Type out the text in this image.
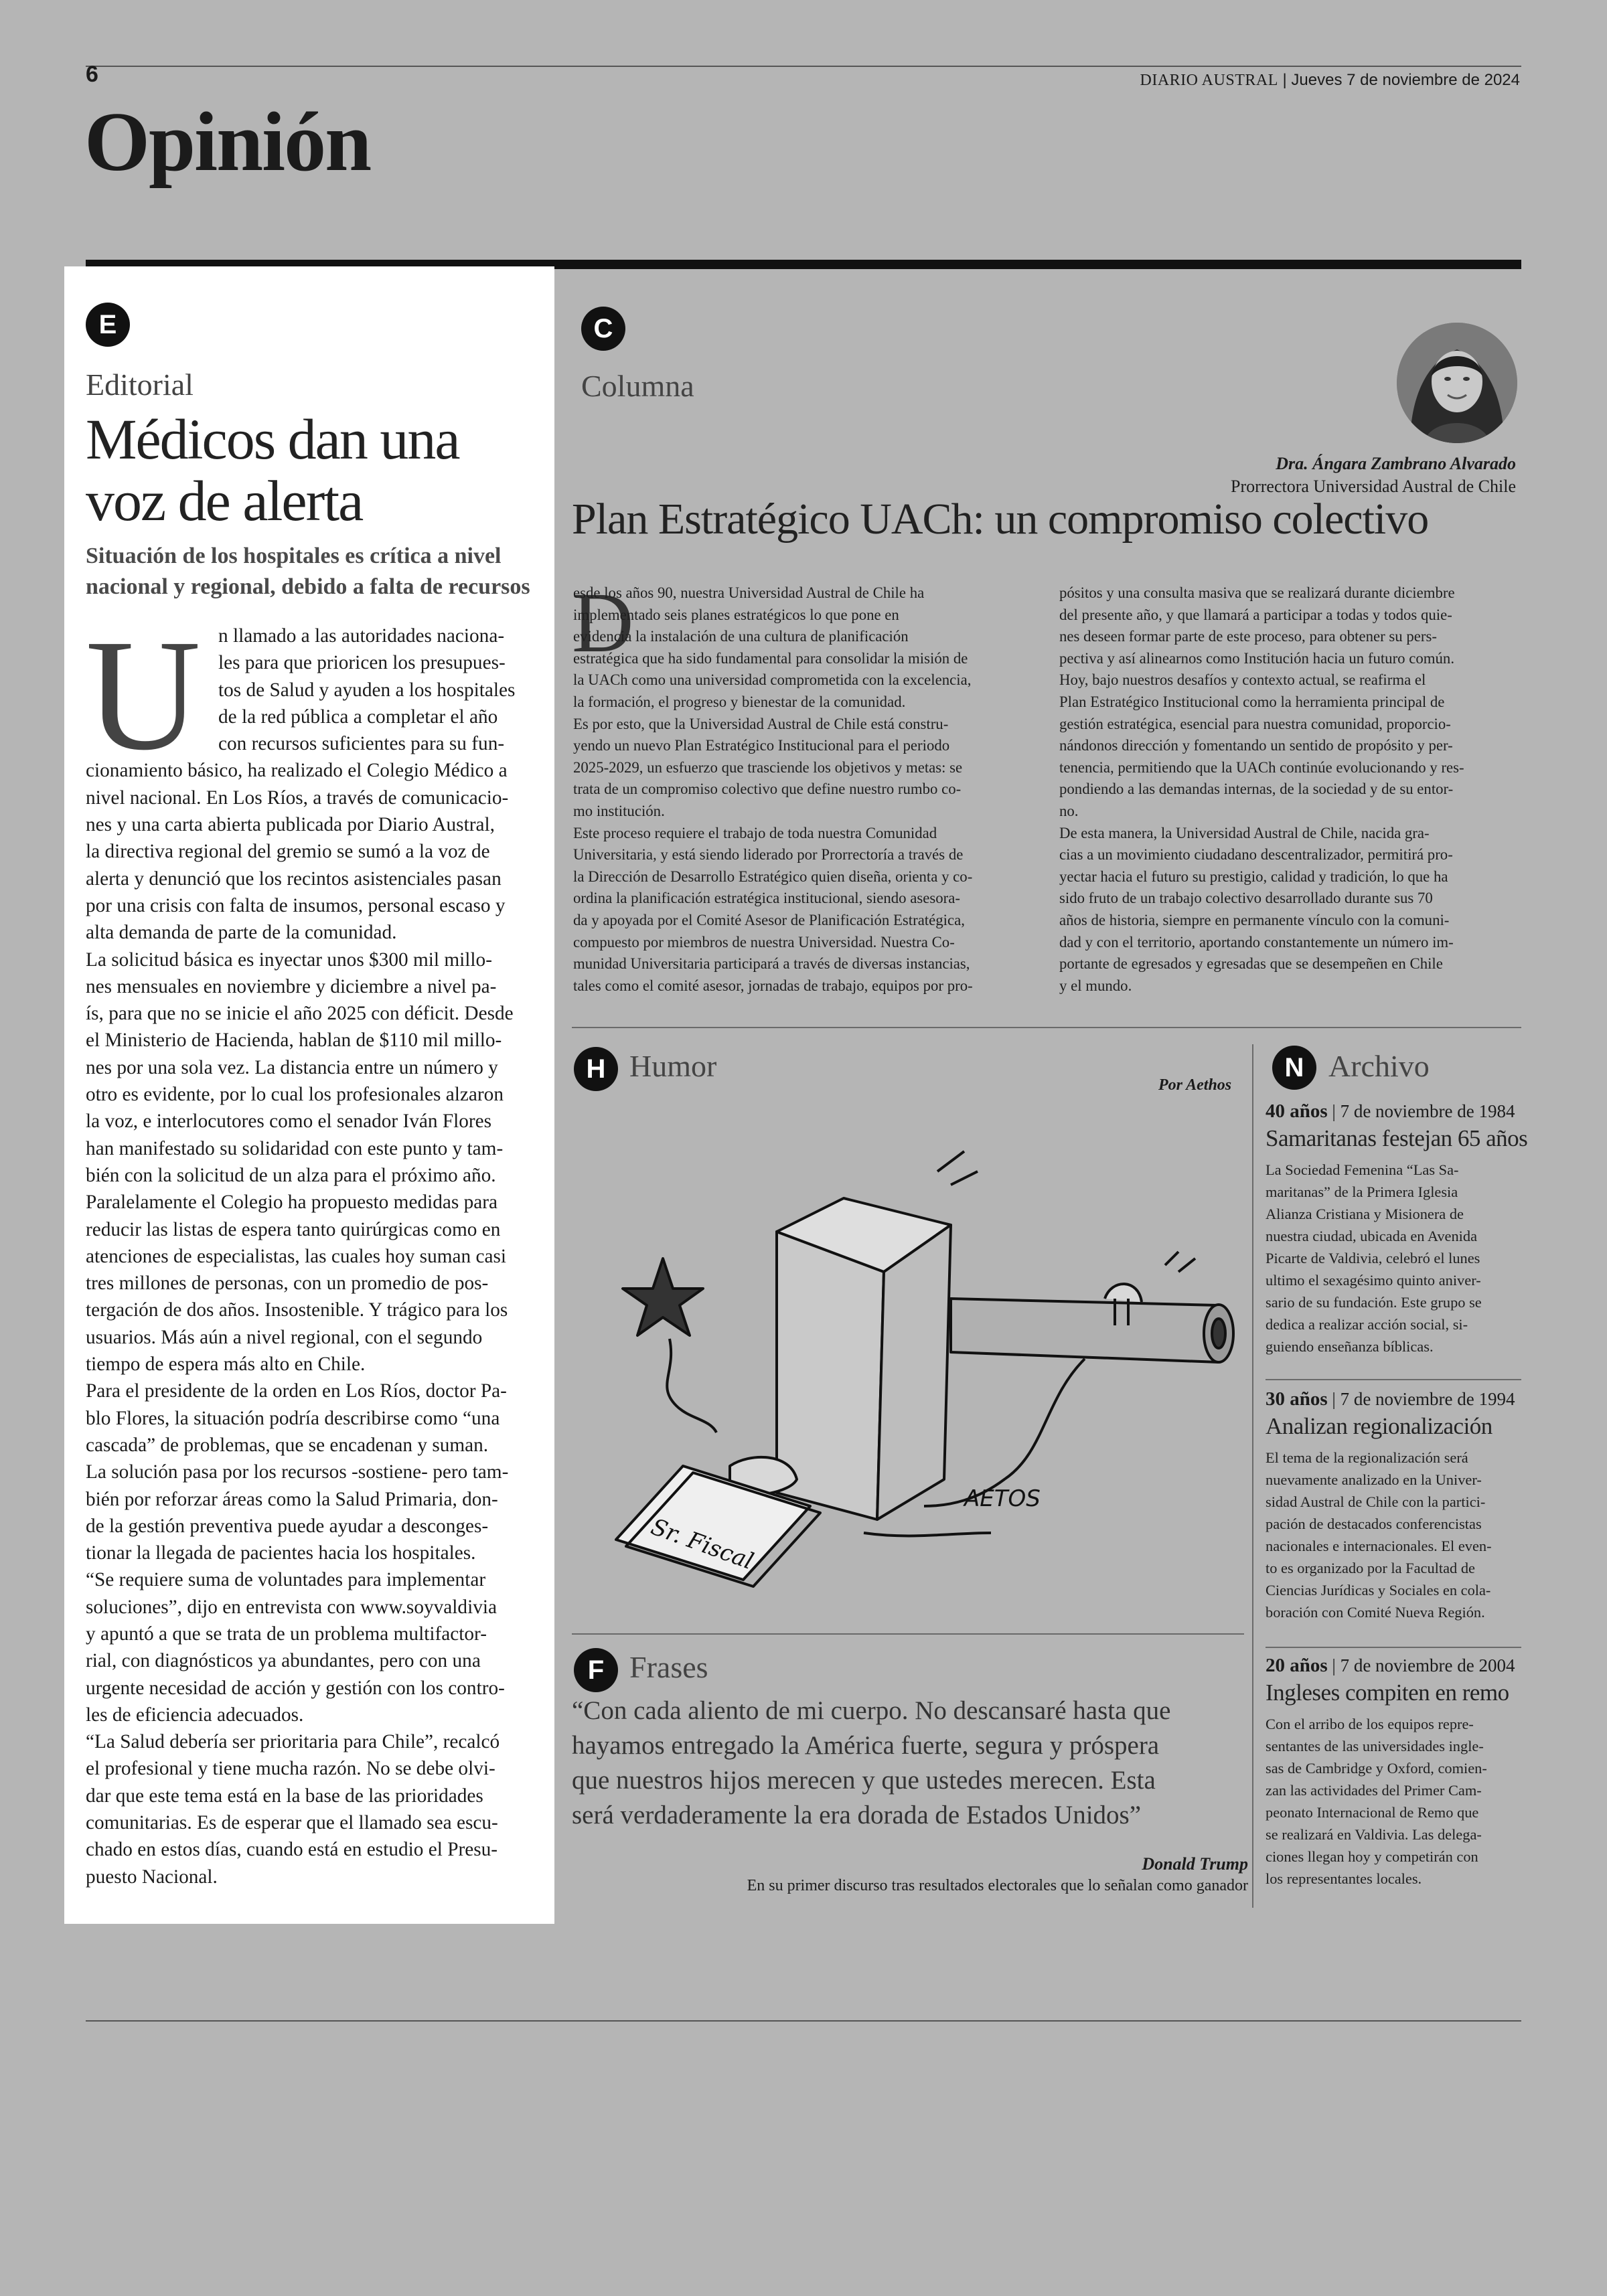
6	DIARIO AUSTRAL | Jueves 7 de noviembre de 2024
Opinión
E
Editorial
Médicos dan una
voz de alerta
Situación de los hospitales es crítica a nivel
nacional y regional, debido a falta de recursos
U n llamado a las autoridades naciona-
les para que prioricen los presupues-
tos de Salud y ayuden a los hospitales
de la red pública a completar el año
con recursos suficientes para su fun-
cionamiento básico, ha realizado el Colegio Médico a
nivel nacional. En Los Ríos, a través de comunicacio-
nes y una carta abierta publicada por Diario Austral,
la directiva regional del gremio se sumó a la voz de
alerta y denunció que los recintos asistenciales pasan
por una crisis con falta de insumos, personal escaso y
alta demanda de parte de la comunidad.
La solicitud básica es inyectar unos $300 mil millo-
nes mensuales en noviembre y diciembre a nivel pa-
ís, para que no se inicie el año 2025 con déficit. Desde
el Ministerio de Hacienda, hablan de $110 mil millo-
nes por una sola vez. La distancia entre un número y
otro es evidente, por lo cual los profesionales alzaron
la voz, e interlocutores como el senador Iván Flores
han manifestado su solidaridad con este punto y tam-
bién con la solicitud de un alza para el próximo año.
Paralelamente el Colegio ha propuesto medidas para
reducir las listas de espera tanto quirúrgicas como en
atenciones de especialistas, las cuales hoy suman casi
tres millones de personas, con un promedio de pos-
tergación de dos años. Insostenible. Y trágico para los
usuarios. Más aún a nivel regional, con el segundo
tiempo de espera más alto en Chile.
Para el presidente de la orden en Los Ríos, doctor Pa-
blo Flores, la situación podría describirse como “una
cascada” de problemas, que se encadenan y suman.
La solución pasa por los recursos -sostiene- pero tam-
bién por reforzar áreas como la Salud Primaria, don-
de la gestión preventiva puede ayudar a desconges-
tionar la llegada de pacientes hacia los hospitales.
“Se requiere suma de voluntades para implementar
soluciones”, dijo en entrevista con www.soyvaldivia
y apuntó a que se trata de un problema multifactor-
rial, con diagnósticos ya abundantes, pero con una
urgente necesidad de acción y gestión con los contro-
les de eficiencia adecuados.
“La Salud debería ser prioritaria para Chile”, recalcó
el profesional y tiene mucha razón. No se debe olvi-
dar que este tema está en la base de las prioridades
comunitarias. Es de esperar que el llamado sea escu-
chado en estos días, cuando está en estudio el Presu-
puesto Nacional.
C
Columna
Dra. Ángara Zambrano Alvarado
Prorrectora Universidad Austral de Chile
Plan Estratégico UACh: un compromiso colectivo
D
esde los años 90, nuestra Universidad Austral de Chile ha
implementado seis planes estratégicos lo que pone en
evidencia la instalación de una cultura de planificación
estratégica que ha sido fundamental para consolidar la misión de
la UACh como una universidad comprometida con la excelencia,
la formación, el progreso y bienestar de la comunidad.
Es por esto, que la Universidad Austral de Chile está constru-
yendo un nuevo Plan Estratégico Institucional para el periodo
2025-2029, un esfuerzo que trasciende los objetivos y metas: se
trata de un compromiso colectivo que define nuestro rumbo co-
mo institución.
Este proceso requiere el trabajo de toda nuestra Comunidad
Universitaria, y está siendo liderado por Prorrectoría a través de
la Dirección de Desarrollo Estratégico quien diseña, orienta y co-
ordina la planificación estratégica institucional, siendo asesora-
da y apoyada por el Comité Asesor de Planificación Estratégica,
compuesto por miembros de nuestra Universidad. Nuestra Co-
munidad Universitaria participará a través de diversas instancias,
tales como el comité asesor, jornadas de trabajo, equipos por pro-
pósitos y una consulta masiva que se realizará durante diciembre
del presente año, y que llamará a participar a todas y todos quie-
nes deseen formar parte de este proceso, para obtener su pers-
pectiva y así alinearnos como Institución hacia un futuro común.
Hoy, bajo nuestros desafíos y contexto actual, se reafirma el
Plan Estratégico Institucional como la herramienta principal de
gestión estratégica, esencial para nuestra comunidad, proporcio-
nándonos dirección y fomentando un sentido de propósito y per-
tenencia, permitiendo que la UACh continúe evolucionando y res-
pondiendo a las demandas internas, de la sociedad y de su entor-
no.
De esta manera, la Universidad Austral de Chile, nacida gra-
cias a un movimiento ciudadano descentralizador, permitirá pro-
yectar hacia el futuro su prestigio, calidad y tradición, lo que ha
sido fruto de un trabajo colectivo desarrollado durante sus 70
años de historia, siempre en permanente vínculo con la comuni-
dad y con el territorio, aportando constantemente un número im-
portante de egresados y egresadas que se desempeñen en Chile
y el mundo.
H Humor
Por Aethos
Sr. Fiscal
AETOS
F Frases
“Con cada aliento de mi cuerpo. No descansaré hasta que
hayamos entregado la América fuerte, segura y próspera
que nuestros hijos merecen y que ustedes merecen. Esta
será verdaderamente la era dorada de Estados Unidos”
Donald Trump
En su primer discurso tras resultados electorales que lo señalan como ganador
N Archivo
40 años | 7 de noviembre de 1984
Samaritanas festejan 65 años
La Sociedad Femenina “Las Sa-
maritanas” de la Primera Iglesia
Alianza Cristiana y Misionera de
nuestra ciudad, ubicada en Avenida
Picarte de Valdivia, celebró el lunes
ultimo el sexagésimo quinto aniver-
sario de su fundación. Este grupo se
dedica a realizar acción social, si-
guiendo enseñanza bíblicas.
30 años | 7 de noviembre de 1994
Analizan regionalización
El tema de la regionalización será
nuevamente analizado en la Univer-
sidad Austral de Chile con la partici-
pación de destacados conferencistas
nacionales e internacionales. El even-
to es organizado por la Facultad de
Ciencias Jurídicas y Sociales en cola-
boración con Comité Nueva Región.
20 años | 7 de noviembre de 2004
Ingleses compiten en remo
Con el arribo de los equipos repre-
sentantes de las universidades ingle-
sas de Cambridge y Oxford, comien-
zan las actividades del Primer Cam-
peonato Internacional de Remo que
se realizará en Valdivia. Las delega-
ciones llegan hoy y competirán con
los representantes locales.
